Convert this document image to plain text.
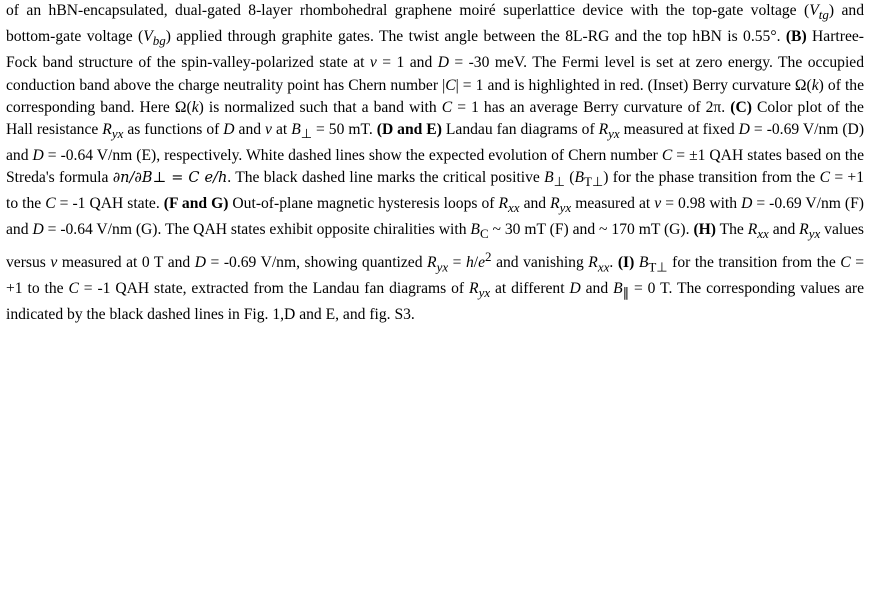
of an hBN-encapsulated, dual-gated 8-layer rhombohedral graphene moiré superlattice device with the top-gate voltage $(V_{tg})$ and bottom-gate voltage $(V_{bg})$ applied through graphite gates. The twist angle between the 8L-RG and the top hBN is 0.55°. (B) Hartree-Fock band structure of the spin-valley-polarized state at ν = 1 and D = -30 meV. The Fermi level is set at zero energy. The occupied conduction band above the charge neutrality point has Chern number |C| = 1 and is highlighted in red. (Inset) Berry curvature Ω(k) of the corresponding band. Here Ω(k) is normalized such that a band with C = 1 has an average Berry curvature of 2π. (C) Color plot of the Hall resistance $R_{yx}$ as functions of D and ν at $B_\perp = 50$ mT. (D and E) Landau fan diagrams of $R_{yx}$ measured at fixed D = -0.69 V/nm (D) and D = -0.64 V/nm (E), respectively. White dashed lines show the expected evolution of Chern number C = ±1 QAH states based on the Streda's formula ∂n/∂B⊥ = C e/h. The black dashed line marks the critical positive $B_\perp$ $(B_{T\perp})$ for the phase transition from the C = +1 to the C = -1 QAH state. (F and G) Out-of-plane magnetic hysteresis loops of $R_{xx}$ and $R_{yx}$ measured at ν = 0.98 with D = -0.69 V/nm (F) and D = -0.64 V/nm (G). The QAH states exhibit opposite chiralities with $B_C$ ~ 30 mT (F) and ~ 170 mT (G). (H) The $R_{xx}$ and $R_{yx}$ values versus ν measured at 0 T and D = -0.69 V/nm, showing quantized $R_{yx} = h/e^2$ and vanishing $R_{xx}$. (I) $B_{T\perp}$ for the transition from the C = +1 to the C = -1 QAH state, extracted from the Landau fan diagrams of $R_{yx}$ at different D and $B_\parallel = 0$ T. The corresponding values are indicated by the black dashed lines in Fig. 1,D and E, and fig. S3.
